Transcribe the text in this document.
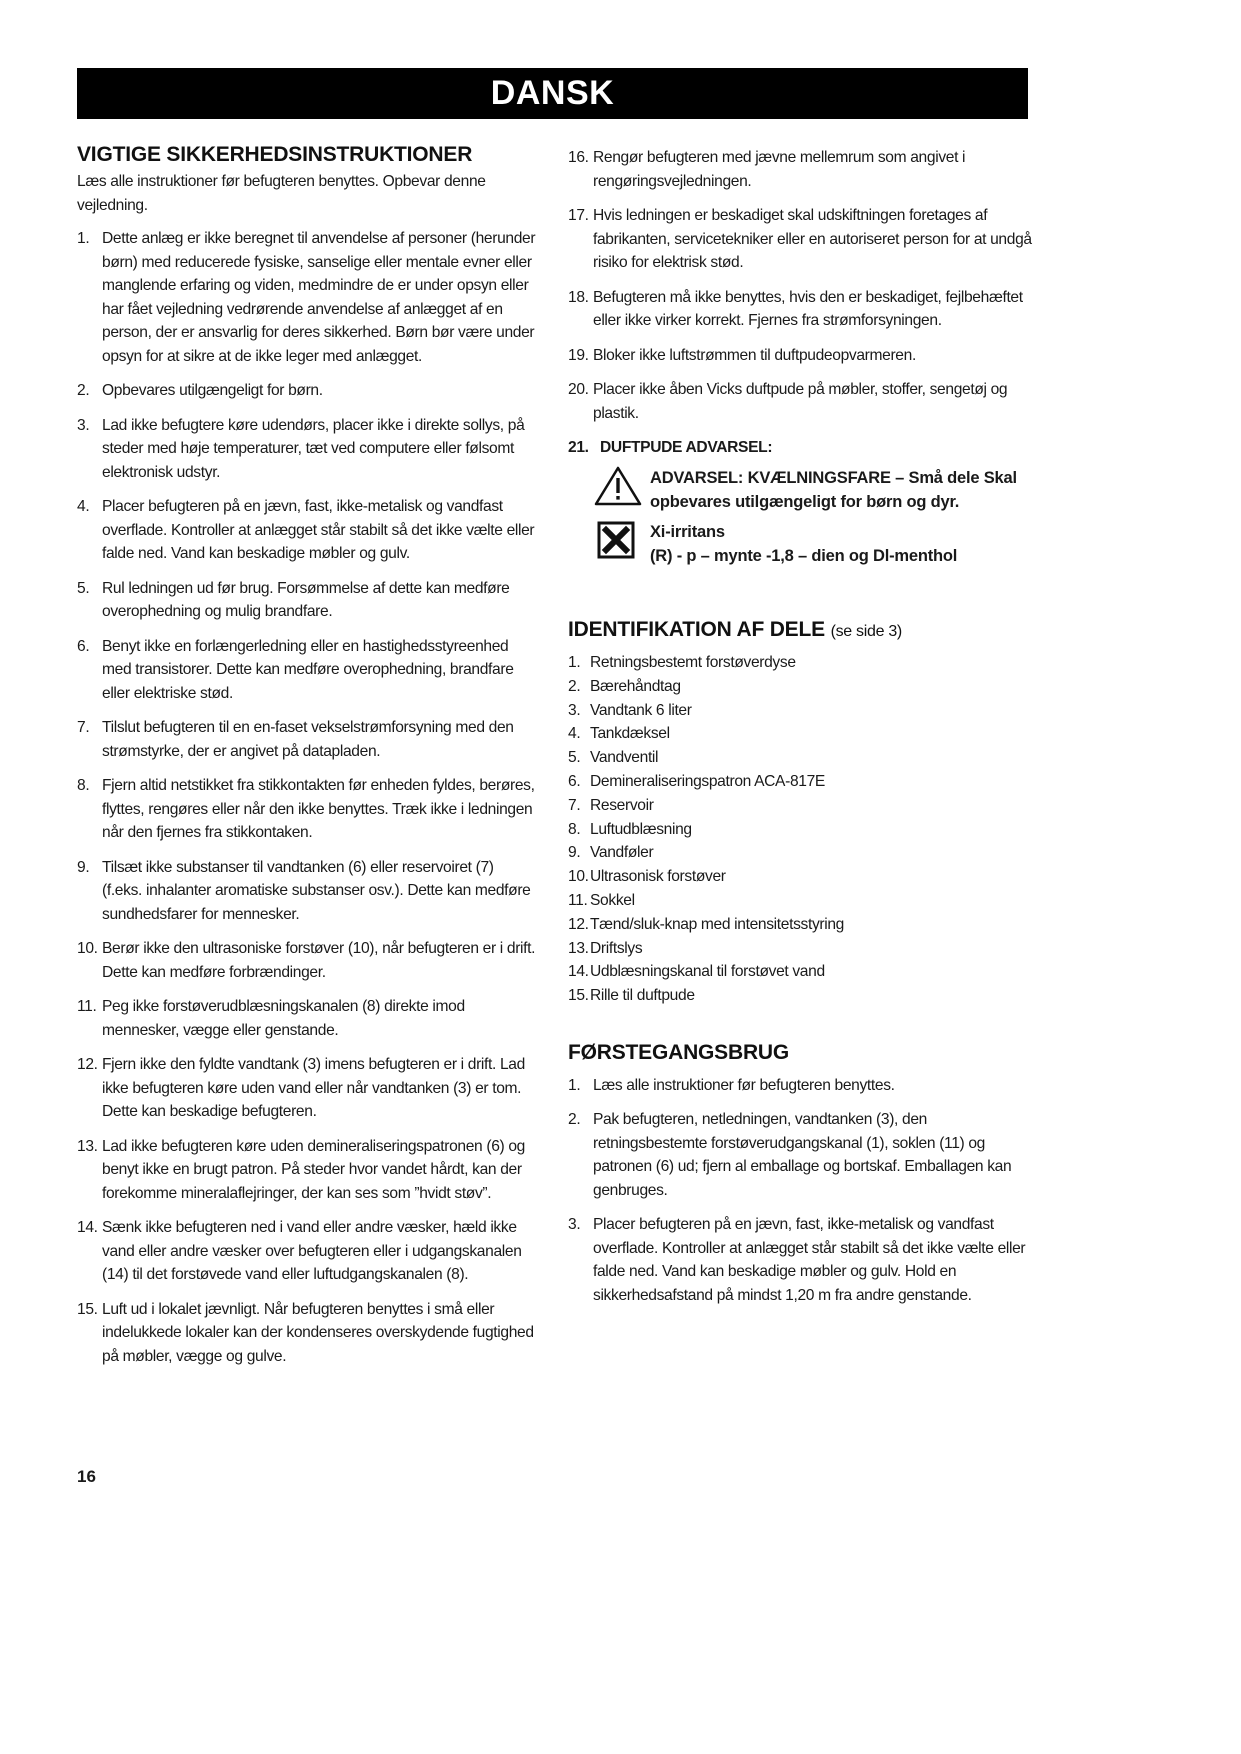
DANSK
VIGTIGE SIKKERHEDSINSTRUKTIONER

Læs alle instruktioner før befugteren benyttes. Opbevar denne vejledning.

1. Dette anlæg er ikke beregnet til anvendelse af personer (herunder børn) med reducerede fysiske, sanselige eller mentale evner eller manglende erfaring og viden, medmindre de er under opsyn eller har fået vejledning vedrørende anvendelse af anlægget af en person, der er ansvarlig for deres sikkerhed. Børn bør være under opsyn for at sikre at de ikke leger med anlægget.
2. Opbevares utilgængeligt for børn.
3. Lad ikke befugtere køre udendørs, placer ikke i direkte sollys, på steder med høje temperaturer, tæt ved computere eller følsomt elektronisk udstyr.
4. Placer befugteren på en jævn, fast, ikke-metalisk og vandfast overflade. Kontroller at anlægget står stabilt så det ikke vælte eller falde ned. Vand kan beskadige møbler og gulv.
5. Rul ledningen ud før brug. Forsømmelse af dette kan medføre overophedning og mulig brandfare.
6. Benyt ikke en forlængerledning eller en hastighedsstyreenhed med transistorer. Dette kan medføre overophedning, brandfare eller elektriske stød.
7. Tilslut befugteren til en en-faset vekselstrømforsyning med den strømstyrke, der er angivet på datapladen.
8. Fjern altid netstikket fra stikkontakten før enheden fyldes, berøres, flyttes, rengøres eller når den ikke benyttes. Træk ikke i ledningen når den fjernes fra stikkontaken.
9. Tilsæt ikke substanser til vandtanken (6) eller reservoiret (7) (f.eks. inhalanter aromatiske substanser osv.). Dette kan medføre sundhedsfarer for mennesker.
10. Berør ikke den ultrasoniske forstøver (10), når befugteren er i drift. Dette kan medføre forbrændinger.
11. Peg ikke forstøverudblæsningskanalen (8) direkte imod mennesker, vægge eller genstande.
12. Fjern ikke den fyldte vandtank (3) imens befugteren er i drift. Lad ikke befugteren køre uden vand eller når vandtanken (3) er tom. Dette kan beskadige befugteren.
13. Lad ikke befugteren køre uden demineraliseringspatronen (6) og benyt ikke en brugt patron. På steder hvor vandet hårdt, kan der forekomme mineralaflejringer, der kan ses som ”hvidt støv”.
14. Sænk ikke befugteren ned i vand eller andre væsker, hæld ikke vand eller andre væsker over befugteren eller i udgangskanalen (14) til det forstøvede vand eller luftudgangskanalen (8).
15. Luft ud i lokalet jævnligt. Når befugteren benyttes i små eller indelukkede lokaler kan der kondenseres overskydende fugtighed på møbler, vægge og gulve.
16. Rengør befugteren med jævne mellemrum som angivet i rengøringsvejledningen.
17. Hvis ledningen er beskadiget skal udskiftningen foretages af fabrikanten, servicetekniker eller en autoriseret person for at undgå risiko for elektrisk stød.
18. Befugteren må ikke benyttes, hvis den er beskadiget, fejlbehæftet eller ikke virker korrekt. Fjernes fra strømforsyningen.
19. Bloker ikke luftstrømmen til duftpudeopvarmeren.
20. Placer ikke åben Vicks duftpude på møbler, stoffer, sengetøj og plastik.
21. DUFTPUDE ADVARSEL:
ADVARSEL: KVÆLNINGSFARE – Små dele Skal opbevares utilgængeligt for børn og dyr.
Xi-irritans
(R) - p – mynte -1,8 – dien og Dl-menthol
IDENTIFIKATION AF DELE (se side 3)
1. Retningsbestemt forstøverdyse
2. Bærehåndtag
3. Vandtank 6 liter
4. Tankdæksel
5. Vandventil
6. Demineraliseringspatron ACA-817E
7. Reservoir
8. Luftudblæsning
9. Vandføler
10. Ultrasonisk forstøver
11. Sokkel
12. Tænd/sluk-knap med intensitetsstyring
13. Driftslys
14. Udblæsningskanal til forstøvet vand
15. Rille til duftpude
FØRSTEGANGSBRUG
1. Læs alle instruktioner før befugteren benyttes.
2. Pak befugteren, netledningen, vandtanken (3), den retningsbestemte forstøverudgangskanal (1), soklen (11) og patronen (6) ud; fjern al emballage og bortskaf. Emballagen kan genbruges.
3. Placer befugteren på en jævn, fast, ikke-metalisk og vandfast overflade. Kontroller at anlægget står stabilt så det ikke vælte eller falde ned. Vand kan beskadige møbler og gulv. Hold en sikkerhedsafstand på mindst 1,20 m fra andre genstande.
16
